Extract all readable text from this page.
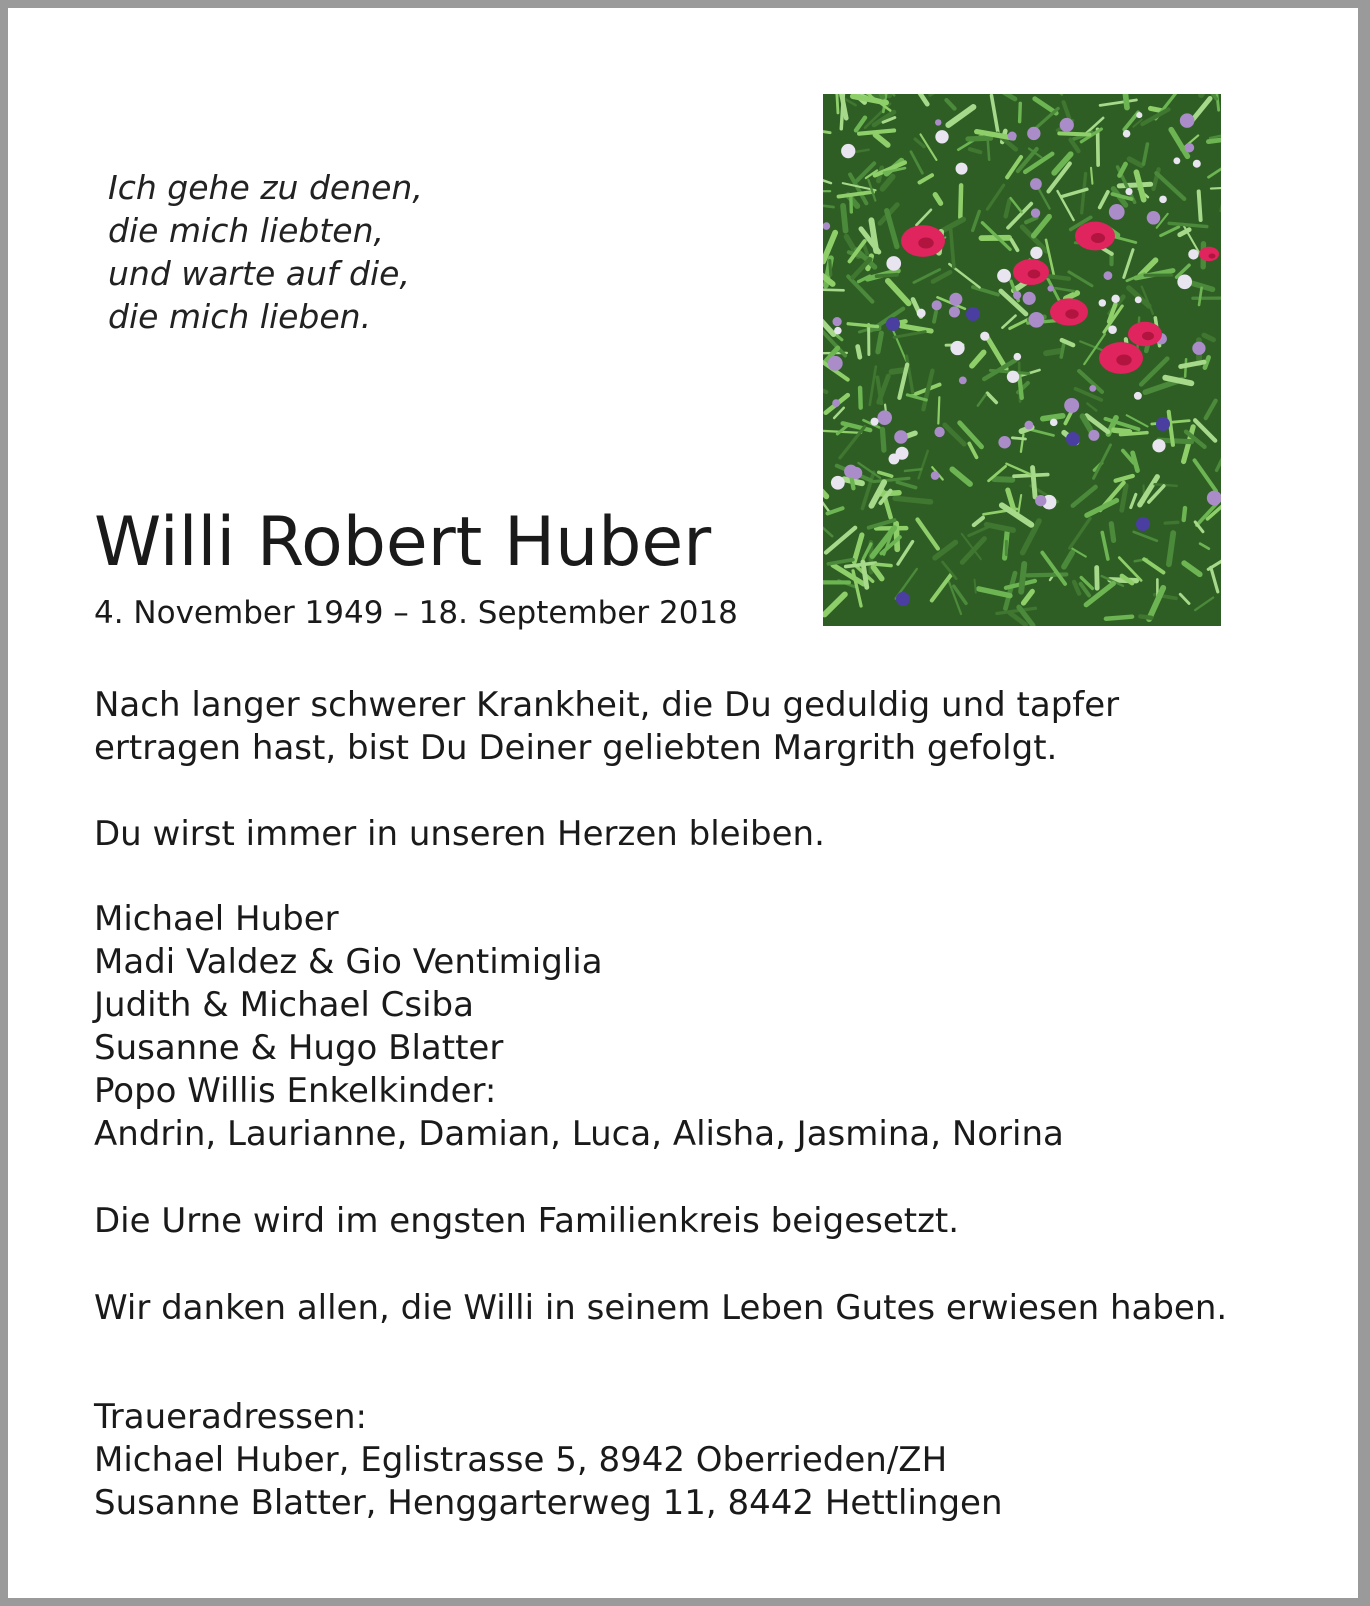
Ich gehe zu denen,
die mich liebten,
und warte auf die,
die mich lieben.
Willi Robert Huber
4. November 1949 – 18. September 2018
Nach langer schwerer Krankheit, die Du geduldig und tapfer
ertragen hast, bist Du Deiner geliebten Margrith gefolgt.
Du wirst immer in unseren Herzen bleiben.
Michael Huber
Madi Valdez & Gio Ventimiglia
Judith & Michael Csiba
Susanne & Hugo Blatter
Popo Willis Enkelkinder:
Andrin, Laurianne, Damian, Luca, Alisha, Jasmina, Norina
Die Urne wird im engsten Familienkreis beigesetzt.
Wir danken allen, die Willi in seinem Leben Gutes erwiesen haben.
Traueradressen:
Michael Huber, Eglistrasse 5, 8942 Oberrieden/ZH
Susanne Blatter, Henggarterweg 11, 8442 Hettlingen
